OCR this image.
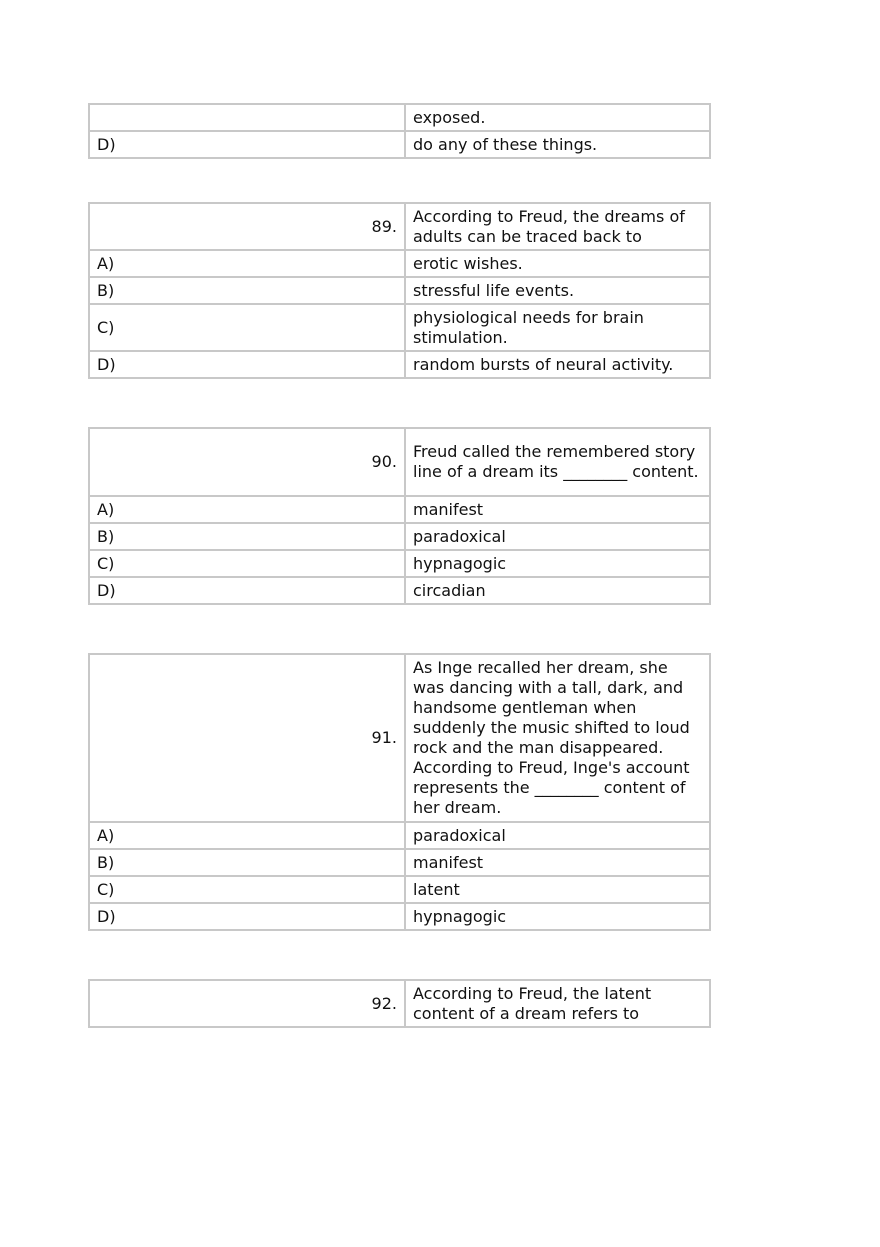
	exposed.
D)	do any of these things.
89.	According to Freud, the dreams of adults can be traced back to
A)	erotic wishes.
B)	stressful life events.
C)	physiological needs for brain stimulation.
D)	random bursts of neural activity.
90.	Freud called the remembered story line of a dream its ________ content.
A)	manifest
B)	paradoxical
C)	hypnagogic
D)	circadian
91.	As Inge recalled her dream, she was dancing with a tall, dark, and handsome gentleman when suddenly the music shifted to loud rock and the man disappeared. According to Freud, Inge's account represents the ________ content of her dream.
A)	paradoxical
B)	manifest
C)	latent
D)	hypnagogic
92.	According to Freud, the latent content of a dream refers to
